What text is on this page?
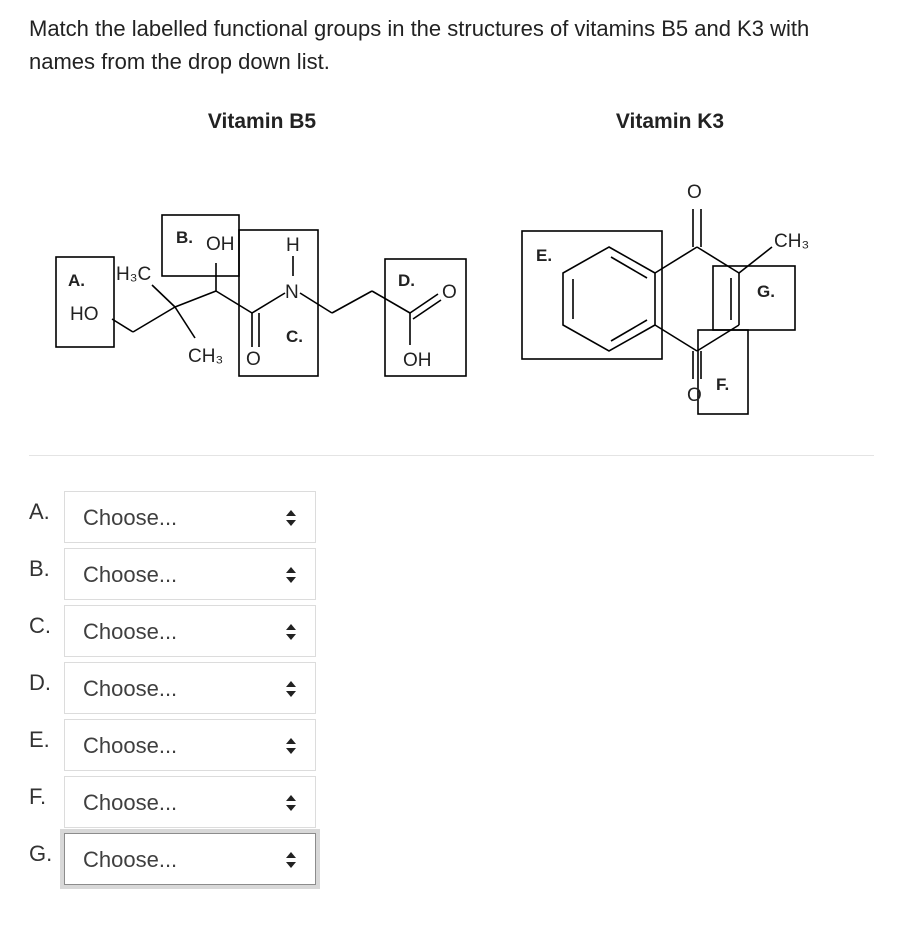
Match the labelled functional groups in the structures of vitamins B5 and K3 with names from the drop down list.
Vitamin B5	Vitamin K3
A. H₃C
HO
B. OH
CH₃ O
H
N
C.
D.
O
OH
E.
O
CH₃
G.
O
F.
A. Choose...
B. Choose...
C. Choose...
D. Choose...
E. Choose...
F. Choose...
G. Choose...
